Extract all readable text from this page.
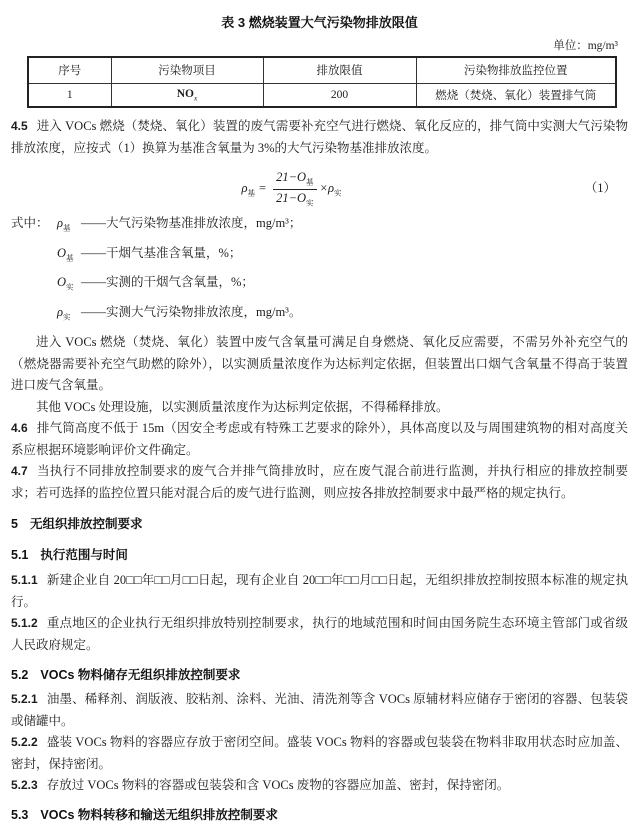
表 3 燃烧装置大气污染物排放限值
单位：mg/m³
序号	污染物项目	排放限值	污染物排放监控位置
1	$NO_x$	200	燃烧（焚烧、氧化）装置排气筒

4.5 进入 VOCs 燃烧（焚烧、氧化）装置的废气需要补充空气进行燃烧、氧化反应的，排气筒中实测大气污染物排放浓度，应按式（1）换算为基准含氧量为 3%的大气污染物基准排放浓度。

$\rho_基 = \frac{21-O_基}{21-O_实} \times\rho_实$	（1）
式中： $\rho_基$ ——大气污染物基准排放浓度，mg/m³；
$O_基$ ——干烟气基准含氧量，%；
$O_实$ ——实测的干烟气含氧量，%；
$\rho_实$ ——实测大气污染物排放浓度，mg/m³。

进入 VOCs 燃烧（焚烧、氧化）装置中废气含氧量可满足自身燃烧、氧化反应需要，不需另外补充空气的（燃烧器需要补充空气助燃的除外），以实测质量浓度作为达标判定依据，但装置出口烟气含氧量不得高于装置进口废气含氧量。

其他 VOCs 处理设施，以实测质量浓度作为达标判定依据，不得稀释排放。

4.6 排气筒高度不低于 15m（因安全考虑或有特殊工艺要求的除外），具体高度以及与周围建筑物的相对高度关系应根据环境影响评价文件确定。

4.7 当执行不同排放控制要求的废气合并排气筒排放时，应在废气混合前进行监测，并执行相应的排放控制要求；若可选择的监控位置只能对混合后的废气进行监测，则应按各排放控制要求中最严格的规定执行。

5 无组织排放控制要求
5.1 执行范围与时间

5.1.1 新建企业自 20□□年□□月□□日起，现有企业自 20□□年□□月□□日起，无组织排放控制按照本标准的规定执行。

5.1.2 重点地区的企业执行无组织排放特别控制要求，执行的地域范围和时间由国务院生态环境主管部门或省级人民政府规定。

5.2 VOCs 物料储存无组织排放控制要求

5.2.1 油墨、稀释剂、润版液、胶粘剂、涂料、光油、清洗剂等含 VOCs 原辅材料应储存于密闭的容器、包装袋或储罐中。

5.2.2 盛装 VOCs 物料的容器应存放于密闭空间。盛装 VOCs 物料的容器或包装袋在物料非取用状态时应加盖、密封，保持密闭。

5.2.3 存放过 VOCs 物料的容器或包装袋和含 VOCs 废物的容器应加盖、密封，保持密闭。

5.3 VOCs 物料转移和输送无组织排放控制要求
